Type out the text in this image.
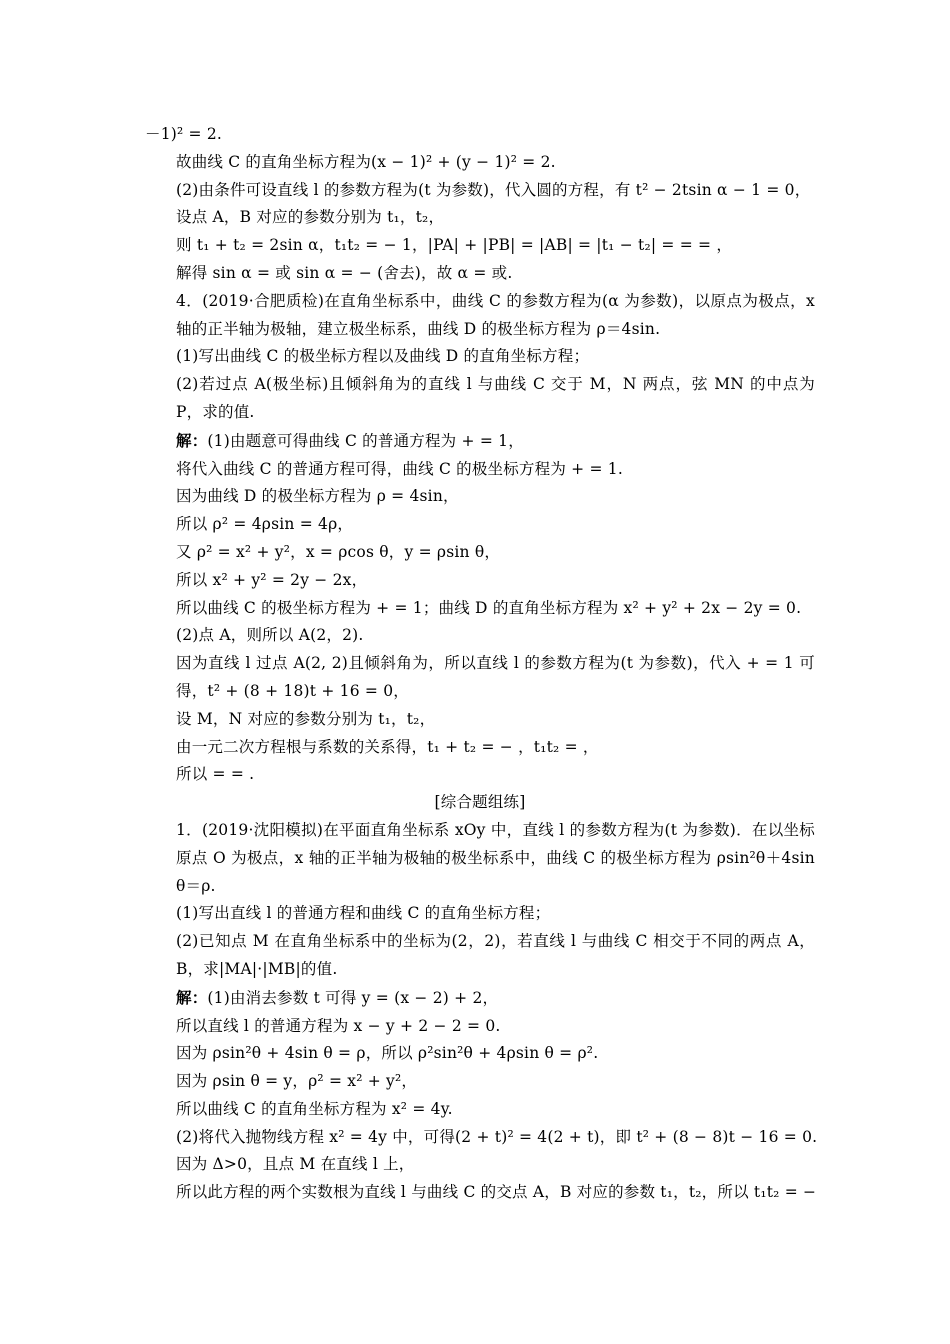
－1)² = 2.
故曲线 C 的直角坐标方程为(x − 1)² + (y − 1)² = 2.
(2)由条件可设直线 l 的参数方程为(t 为参数)，代入圆的方程，有 t² − 2tsin α − 1 = 0，
设点 A，B 对应的参数分别为 t₁，t₂，
则 t₁ + t₂ = 2sin α，t₁t₂ = − 1，|PA| + |PB| = |AB| = |t₁ − t₂| = = = ，
解得 sin α = 或 sin α = − (舍去)，故 α = 或.
4．(2019·合肥质检)在直角坐标系中，曲线 C 的参数方程为(α 为参数)，以原点为极点，x 轴的正半轴为极轴，建立极坐标系，曲线 D 的极坐标方程为 ρ＝4sin.
(1)写出曲线 C 的极坐标方程以及曲线 D 的直角坐标方程；
(2)若过点 A(极坐标)且倾斜角为的直线 l 与曲线 C 交于 M，N 两点，弦 MN 的中点为 P，求的值.
解：(1)由题意可得曲线 C 的普通方程为 + = 1，
将代入曲线 C 的普通方程可得，曲线 C 的极坐标方程为 + = 1.
因为曲线 D 的极坐标方程为 ρ = 4sin，
所以 ρ² = 4ρsin = 4ρ，
又 ρ² = x² + y²，x = ρcos θ，y = ρsin θ，
所以 x² + y² = 2y − 2x，
所以曲线 C 的极坐标方程为 + = 1；曲线 D 的直角坐标方程为 x² + y² + 2x − 2y = 0.
(2)点 A，则所以 A(2，2).
因为直线 l 过点 A(2, 2)且倾斜角为，所以直线 l 的参数方程为(t 为参数)，代入 + = 1 可得，t² + (8 + 18)t + 16 = 0，
设 M，N 对应的参数分别为 t₁，t₂，
由一元二次方程根与系数的关系得，t₁ + t₂ = − ，t₁t₂ = ，
所以 = = .
[综合题组练]
1．(2019·沈阳模拟)在平面直角坐标系 xOy 中，直线 l 的参数方程为(t 为参数)．在以坐标原点 O 为极点，x 轴的正半轴为极轴的极坐标系中，曲线 C 的极坐标方程为 ρsin²θ＋4sin θ＝ρ.
(1)写出直线 l 的普通方程和曲线 C 的直角坐标方程；
(2)已知点 M 在直角坐标系中的坐标为(2，2)，若直线 l 与曲线 C 相交于不同的两点 A，B，求|MA|·|MB|的值.
解：(1)由消去参数 t 可得 y = (x − 2) + 2，
所以直线 l 的普通方程为 x − y + 2 − 2 = 0.
因为 ρsin²θ + 4sin θ = ρ，所以 ρ²sin²θ + 4ρsin θ = ρ².
因为 ρsin θ = y，ρ² = x² + y²，
所以曲线 C 的直角坐标方程为 x² = 4y.
(2)将代入抛物线方程 x² = 4y 中，可得(2 + t)² = 4(2 + t)，即 t² + (8 − 8)t − 16 = 0.
因为 Δ>0，且点 M 在直线 l 上，
所以此方程的两个实数根为直线 l 与曲线 C 的交点 A，B 对应的参数 t₁，t₂，所以 t₁t₂ = −
